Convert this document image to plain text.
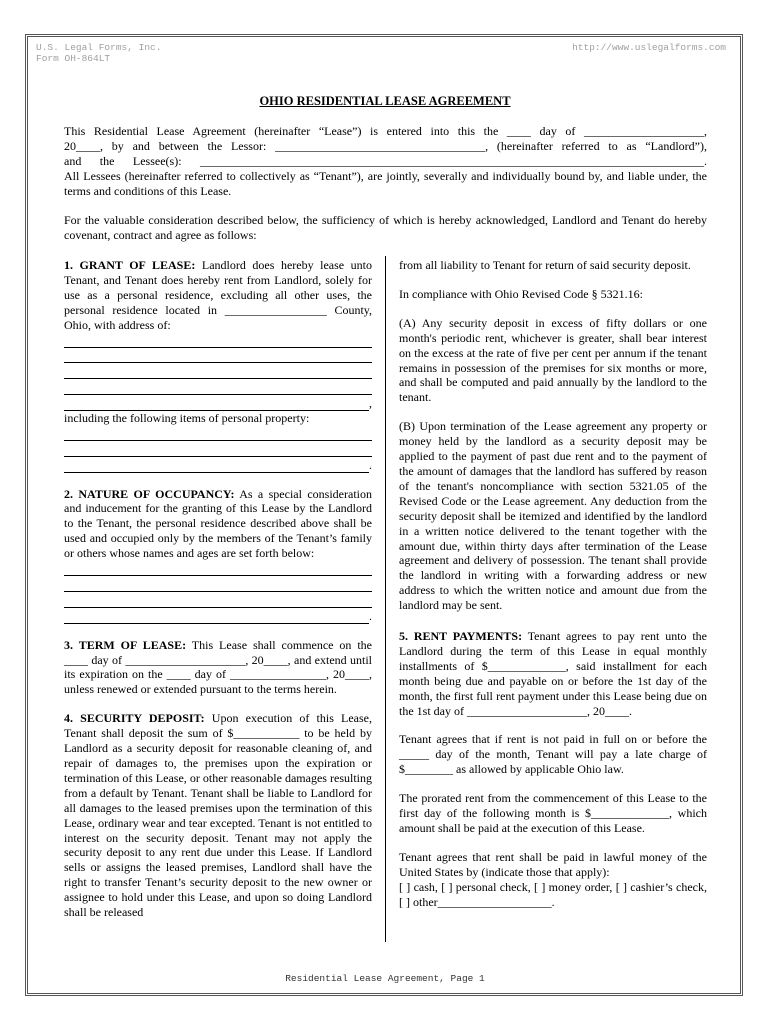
U.S. Legal Forms, Inc.
Form OH-864LT
http://www.uslegalforms.com
OHIO RESIDENTIAL LEASE AGREEMENT

This Residential Lease Agreement (hereinafter “Lease”) is entered into this the ____ day of ____________________,

20____, by and between the Lessor: ___________________________________, (hereinafter referred to as “Landlord”),

and the Lessee(s): ____________________________________________________________________________________.

All Lessees (hereinafter referred to collectively as “Tenant”), are jointly, severally and individually bound by, and liable under, the terms and conditions of this Lease.

For the valuable consideration described below, the sufficiency of which is hereby acknowledged, Landlord and Tenant do hereby covenant, contract and agree as follows:

1. GRANT OF LEASE: Landlord does hereby lease unto Tenant, and Tenant does hereby rent from Landlord, solely for use as a personal residence, excluding all other uses, the personal residence located in _________________ County, Ohio, with address of:

,

including the following items of personal property:

.

2. NATURE OF OCCUPANCY: As a special consideration and inducement for the granting of this Lease by the Landlord to the Tenant, the personal residence described above shall be used and occupied only by the members of the Tenant’s family or others whose names and ages are set forth below:

.

3. TERM OF LEASE: This Lease shall commence on the ____ day of ____________________, 20____, and extend until its expiration on the ____ day of ________________, 20____, unless renewed or extended pursuant to the terms herein.

4. SECURITY DEPOSIT: Upon execution of this Lease, Tenant shall deposit the sum of $___________ to be held by Landlord as a security deposit for reasonable cleaning of, and repair of damages to, the premises upon the expiration or termination of this Lease, or other reasonable damages resulting from a default by Tenant. Tenant shall be liable to Landlord for all damages to the leased premises upon the termination of this Lease, ordinary wear and tear excepted. Tenant is not entitled to interest on the security deposit. Tenant may not apply the security deposit to any rent due under this Lease. If Landlord sells or assigns the leased premises, Landlord shall have the right to transfer Tenant’s security deposit to the new owner or assignee to hold under this Lease, and upon so doing Landlord shall be released

from all liability to Tenant for return of said security deposit.

In compliance with Ohio Revised Code § 5321.16:

(A) Any security deposit in excess of fifty dollars or one month's periodic rent, whichever is greater, shall bear interest on the excess at the rate of five per cent per annum if the tenant remains in possession of the premises for six months or more, and shall be computed and paid annually by the landlord to the tenant.

(B) Upon termination of the Lease agreement any property or money held by the landlord as a security deposit may be applied to the payment of past due rent and to the payment of the amount of damages that the landlord has suffered by reason of the tenant's noncompliance with section 5321.05 of the Revised Code or the Lease agreement. Any deduction from the security deposit shall be itemized and identified by the landlord in a written notice delivered to the tenant together with the amount due, within thirty days after termination of the Lease agreement and delivery of possession. The tenant shall provide the landlord in writing with a forwarding address or new address to which the written notice and amount due from the landlord may be sent.

5. RENT PAYMENTS: Tenant agrees to pay rent unto the Landlord during the term of this Lease in equal monthly installments of $_____________, said installment for each month being due and payable on or before the 1st day of the month, the first full rent payment under this Lease being due on the 1st day of ____________________, 20____.

Tenant agrees that if rent is not paid in full on or before the _____ day of the month, Tenant will pay a late charge of $________ as allowed by applicable Ohio law.

The prorated rent from the commencement of this Lease to the first day of the following month is $_____________, which amount shall be paid at the execution of this Lease.

Tenant agrees that rent shall be paid in lawful money of the United States by (indicate those that apply):

[ ] cash, [ ] personal check, [ ] money order, [ ] cashier’s check, [ ] other___________________.

Residential Lease Agreement, Page 1
